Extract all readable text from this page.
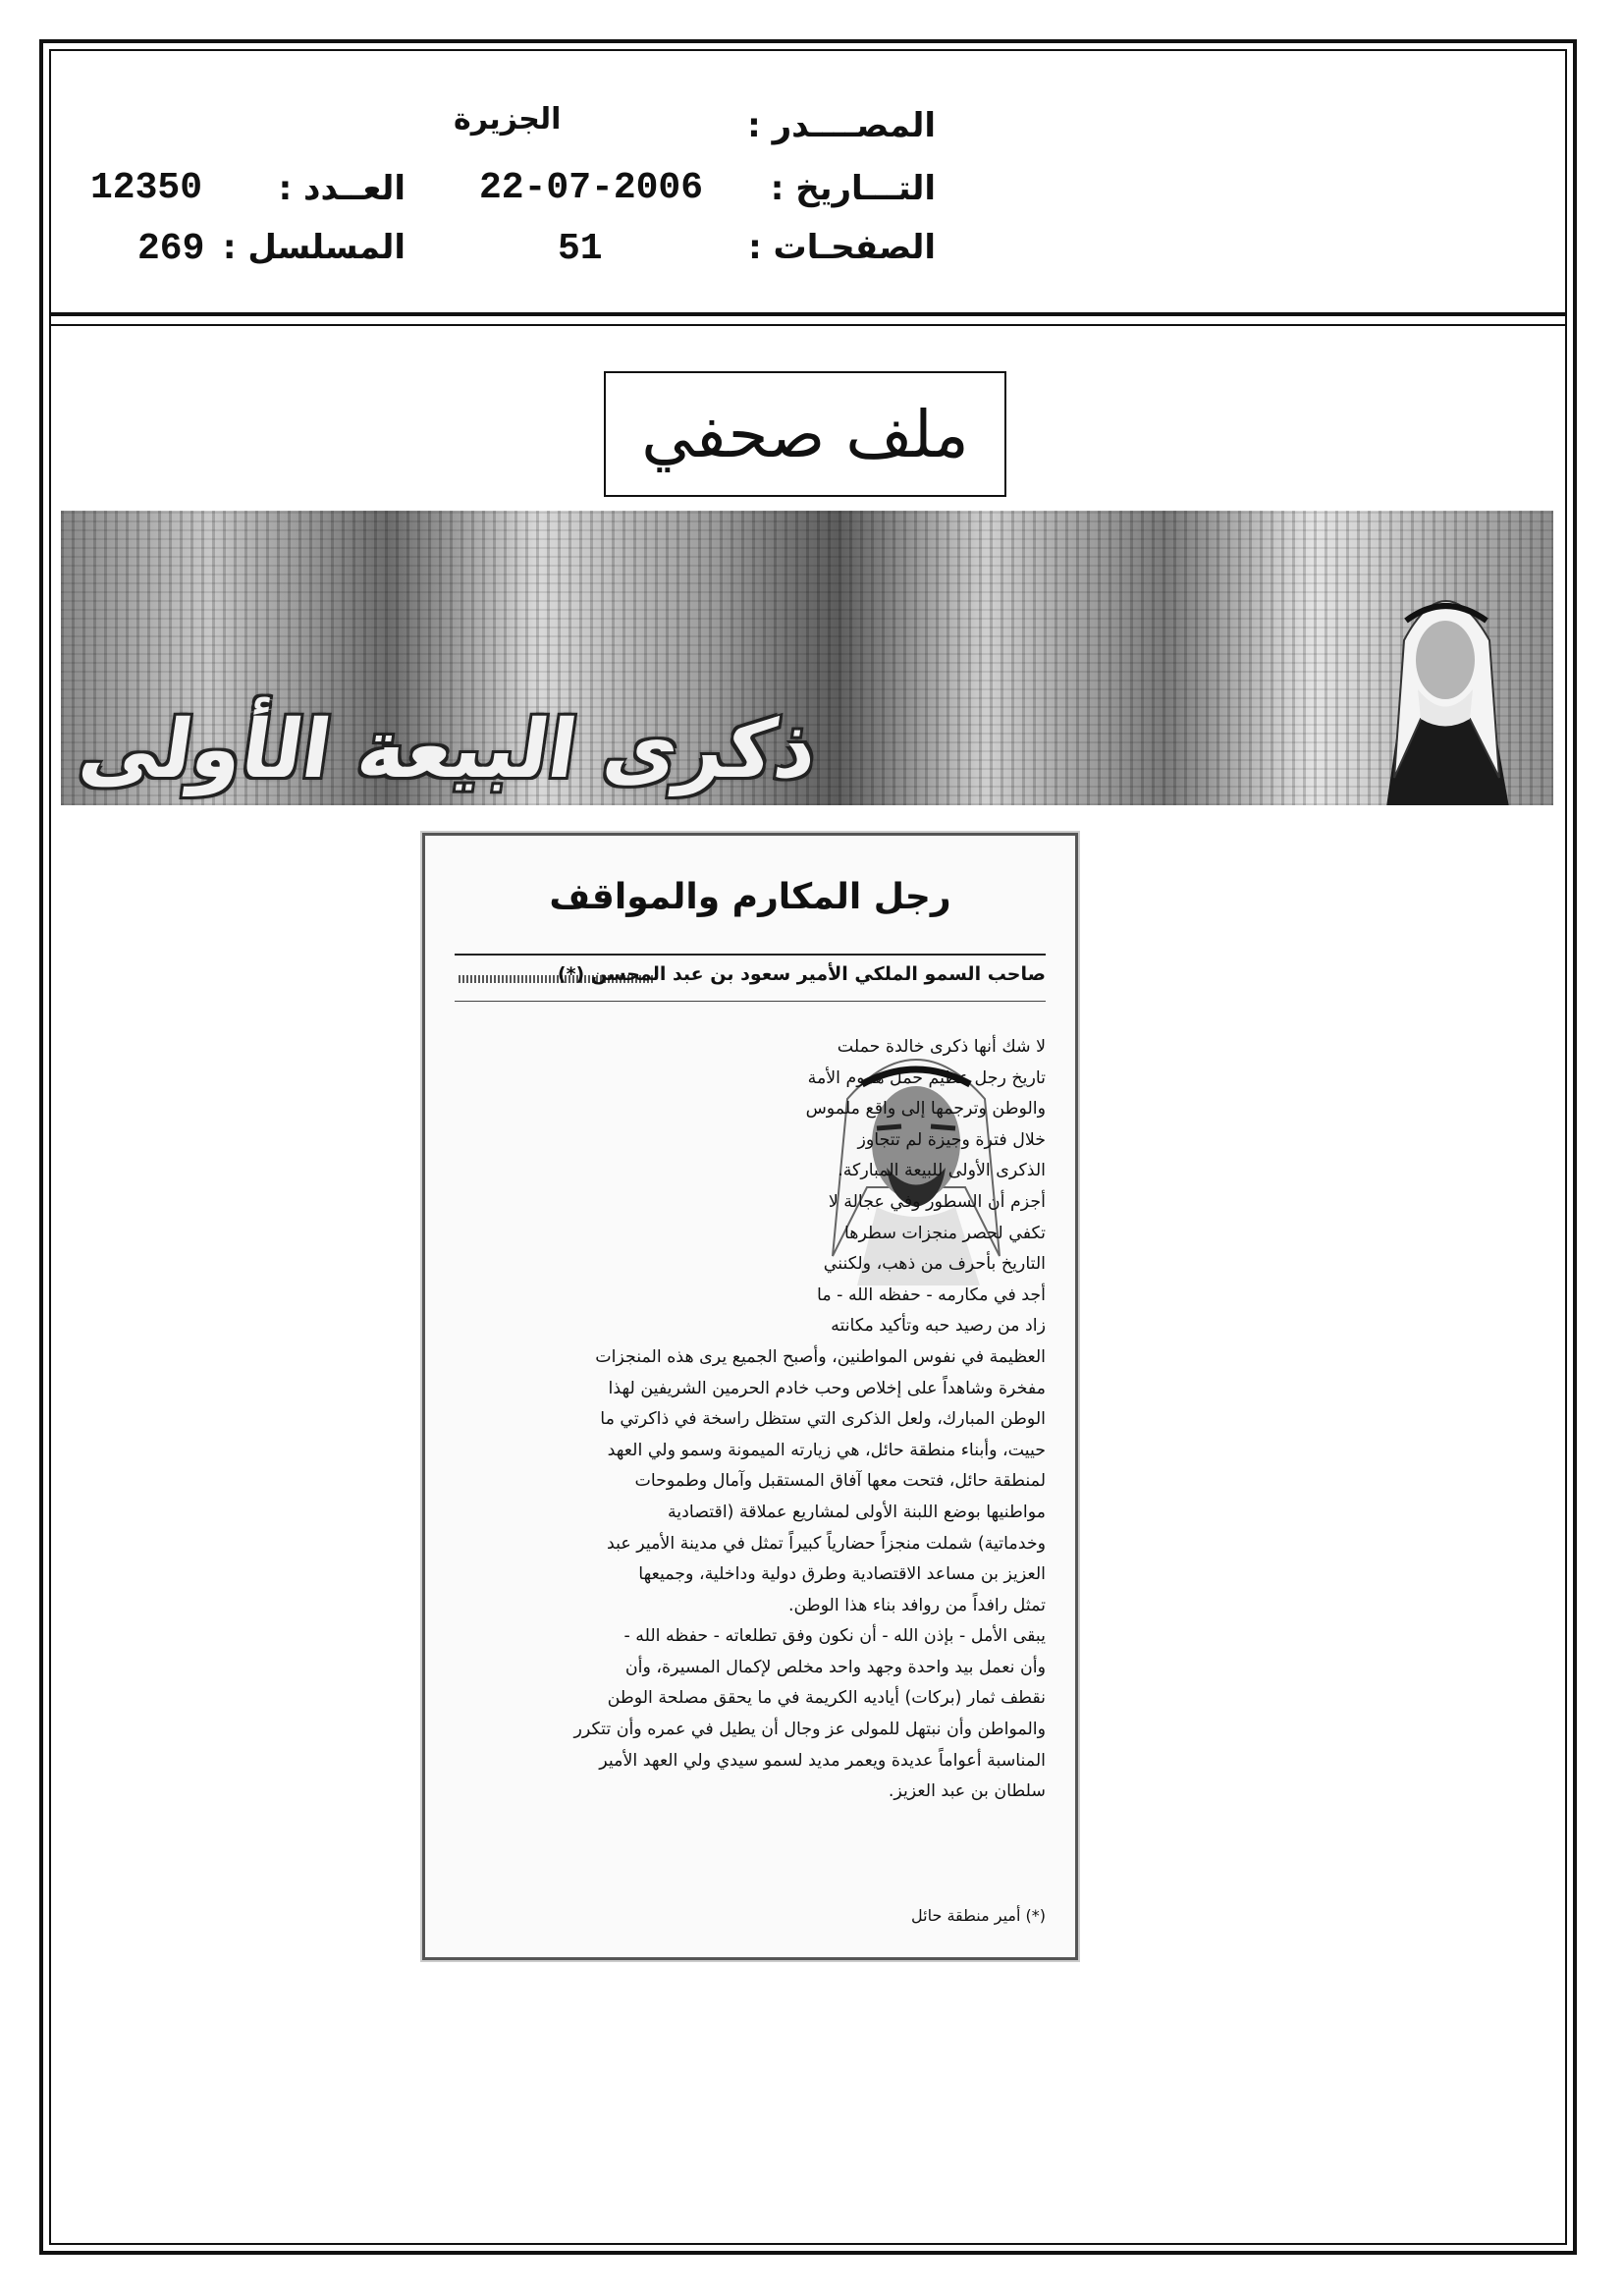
المصــــدر :
الجزيرة
التـــاريخ :
22-07-2006
العــدد :
12350
الصفحـات :
51
المسلسل :
269
ملف صحفي
ذكرى البيعة الأولى
رجل المكارم والمواقف
صاحب السمو الملكي الأمير سعود بن عبد المحسن (*)

لا شك أنها ذكرى خالدة حملت

تاريخ رجل عظيم حمل هموم الأمة

والوطن وترجمها إلى واقع ملموس

خلال فترة وجيزة لم تتجاوز

الذكرى الأولى للبيعة المباركة.

أجزم أن السطور وفي عجالة لا

تكفي لحصر منجزات سطرها

التاريخ بأحرف من ذهب، ولكنني

أجد في مكارمه - حفظه الله - ما

زاد من رصيد حبه وتأكيد مكانته

العظيمة في نفوس المواطنين، وأصبح الجميع يرى هذه المنجزات

مفخرة وشاهداً على إخلاص وحب خادم الحرمين الشريفين لهذا

الوطن المبارك، ولعل الذكرى التي ستظل راسخة في ذاكرتي ما

حييت، وأبناء منطقة حائل، هي زيارته الميمونة وسمو ولي العهد

لمنطقة حائل، فتحت معها آفاق المستقبل وآمال وطموحات

مواطنيها بوضع اللبنة الأولى لمشاريع عملاقة (اقتصادية

وخدماتية) شملت منجزاً حضارياً كبيراً تمثل في مدينة الأمير عبد

العزيز بن مساعد الاقتصادية وطرق دولية وداخلية، وجميعها

تمثل رافداً من روافد بناء هذا الوطن.

يبقى الأمل - بإذن الله - أن نكون وفق تطلعاته - حفظه الله -

وأن نعمل بيد واحدة وجهد واحد مخلص لإكمال المسيرة، وأن

نقطف ثمار (بركات) أياديه الكريمة في ما يحقق مصلحة الوطن

والمواطن وأن نبتهل للمولى عز وجال أن يطيل في عمره وأن تتكرر

المناسبة أعواماً عديدة ويعمر مديد لسمو سيدي ولي العهد الأمير

سلطان بن عبد العزيز.

(*) أمير منطقة حائل
